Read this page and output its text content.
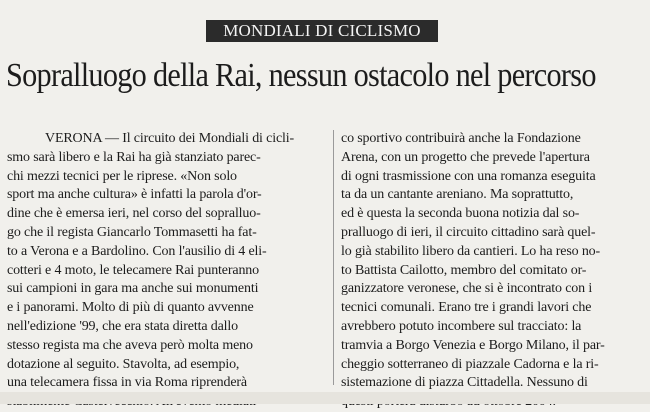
MONDIALI DI CICLISMO
Sopralluogo della Rai, nessun ostacolo nel percorso
VERONA — Il circuito dei Mondiali di cicli-
smo sarà libero e la Rai ha già stanziato parec-
chi mezzi tecnici per le riprese. «Non solo
sport ma anche cultura» è infatti la parola d'or-
dine che è emersa ieri, nel corso del sopralluo-
go che il regista Giancarlo Tommasetti ha fat-
to a Verona e a Bardolino. Con l'ausilio di 4 eli-
cotteri e 4 moto, le telecamere Rai punteranno
sui campioni in gara ma anche sui monumenti
e i panorami. Molto di più di quanto avvenne
nell'edizione '99, che era stata diretta dallo
stesso regista ma che aveva però molta meno
dotazione al seguito. Stavolta, ad esempio,
una telecamera fissa in via Roma riprenderà
co sportivo contribuirà anche la Fondazione
Arena, con un progetto che prevede l'apertura
di ogni trasmissione con una romanza eseguita
ta da un cantante areniano. Ma soprattutto,
ed è questa la seconda buona notizia dal so-
pralluogo di ieri, il circuito cittadino sarà quel-
lo già stabilito libero da cantieri. Lo ha reso no-
to Battista Cailotto, membro del comitato or-
ganizzatore veronese, che si è incontrato con i
tecnici comunali. Erano tre i grandi lavori che
avrebbero potuto incombere sul tracciato: la
tramvia a Borgo Venezia e Borgo Milano, il par-
cheggio sotterraneo di piazzale Cadorna e la ri-
sistemazione di piazza Cittadella. Nessuno di
